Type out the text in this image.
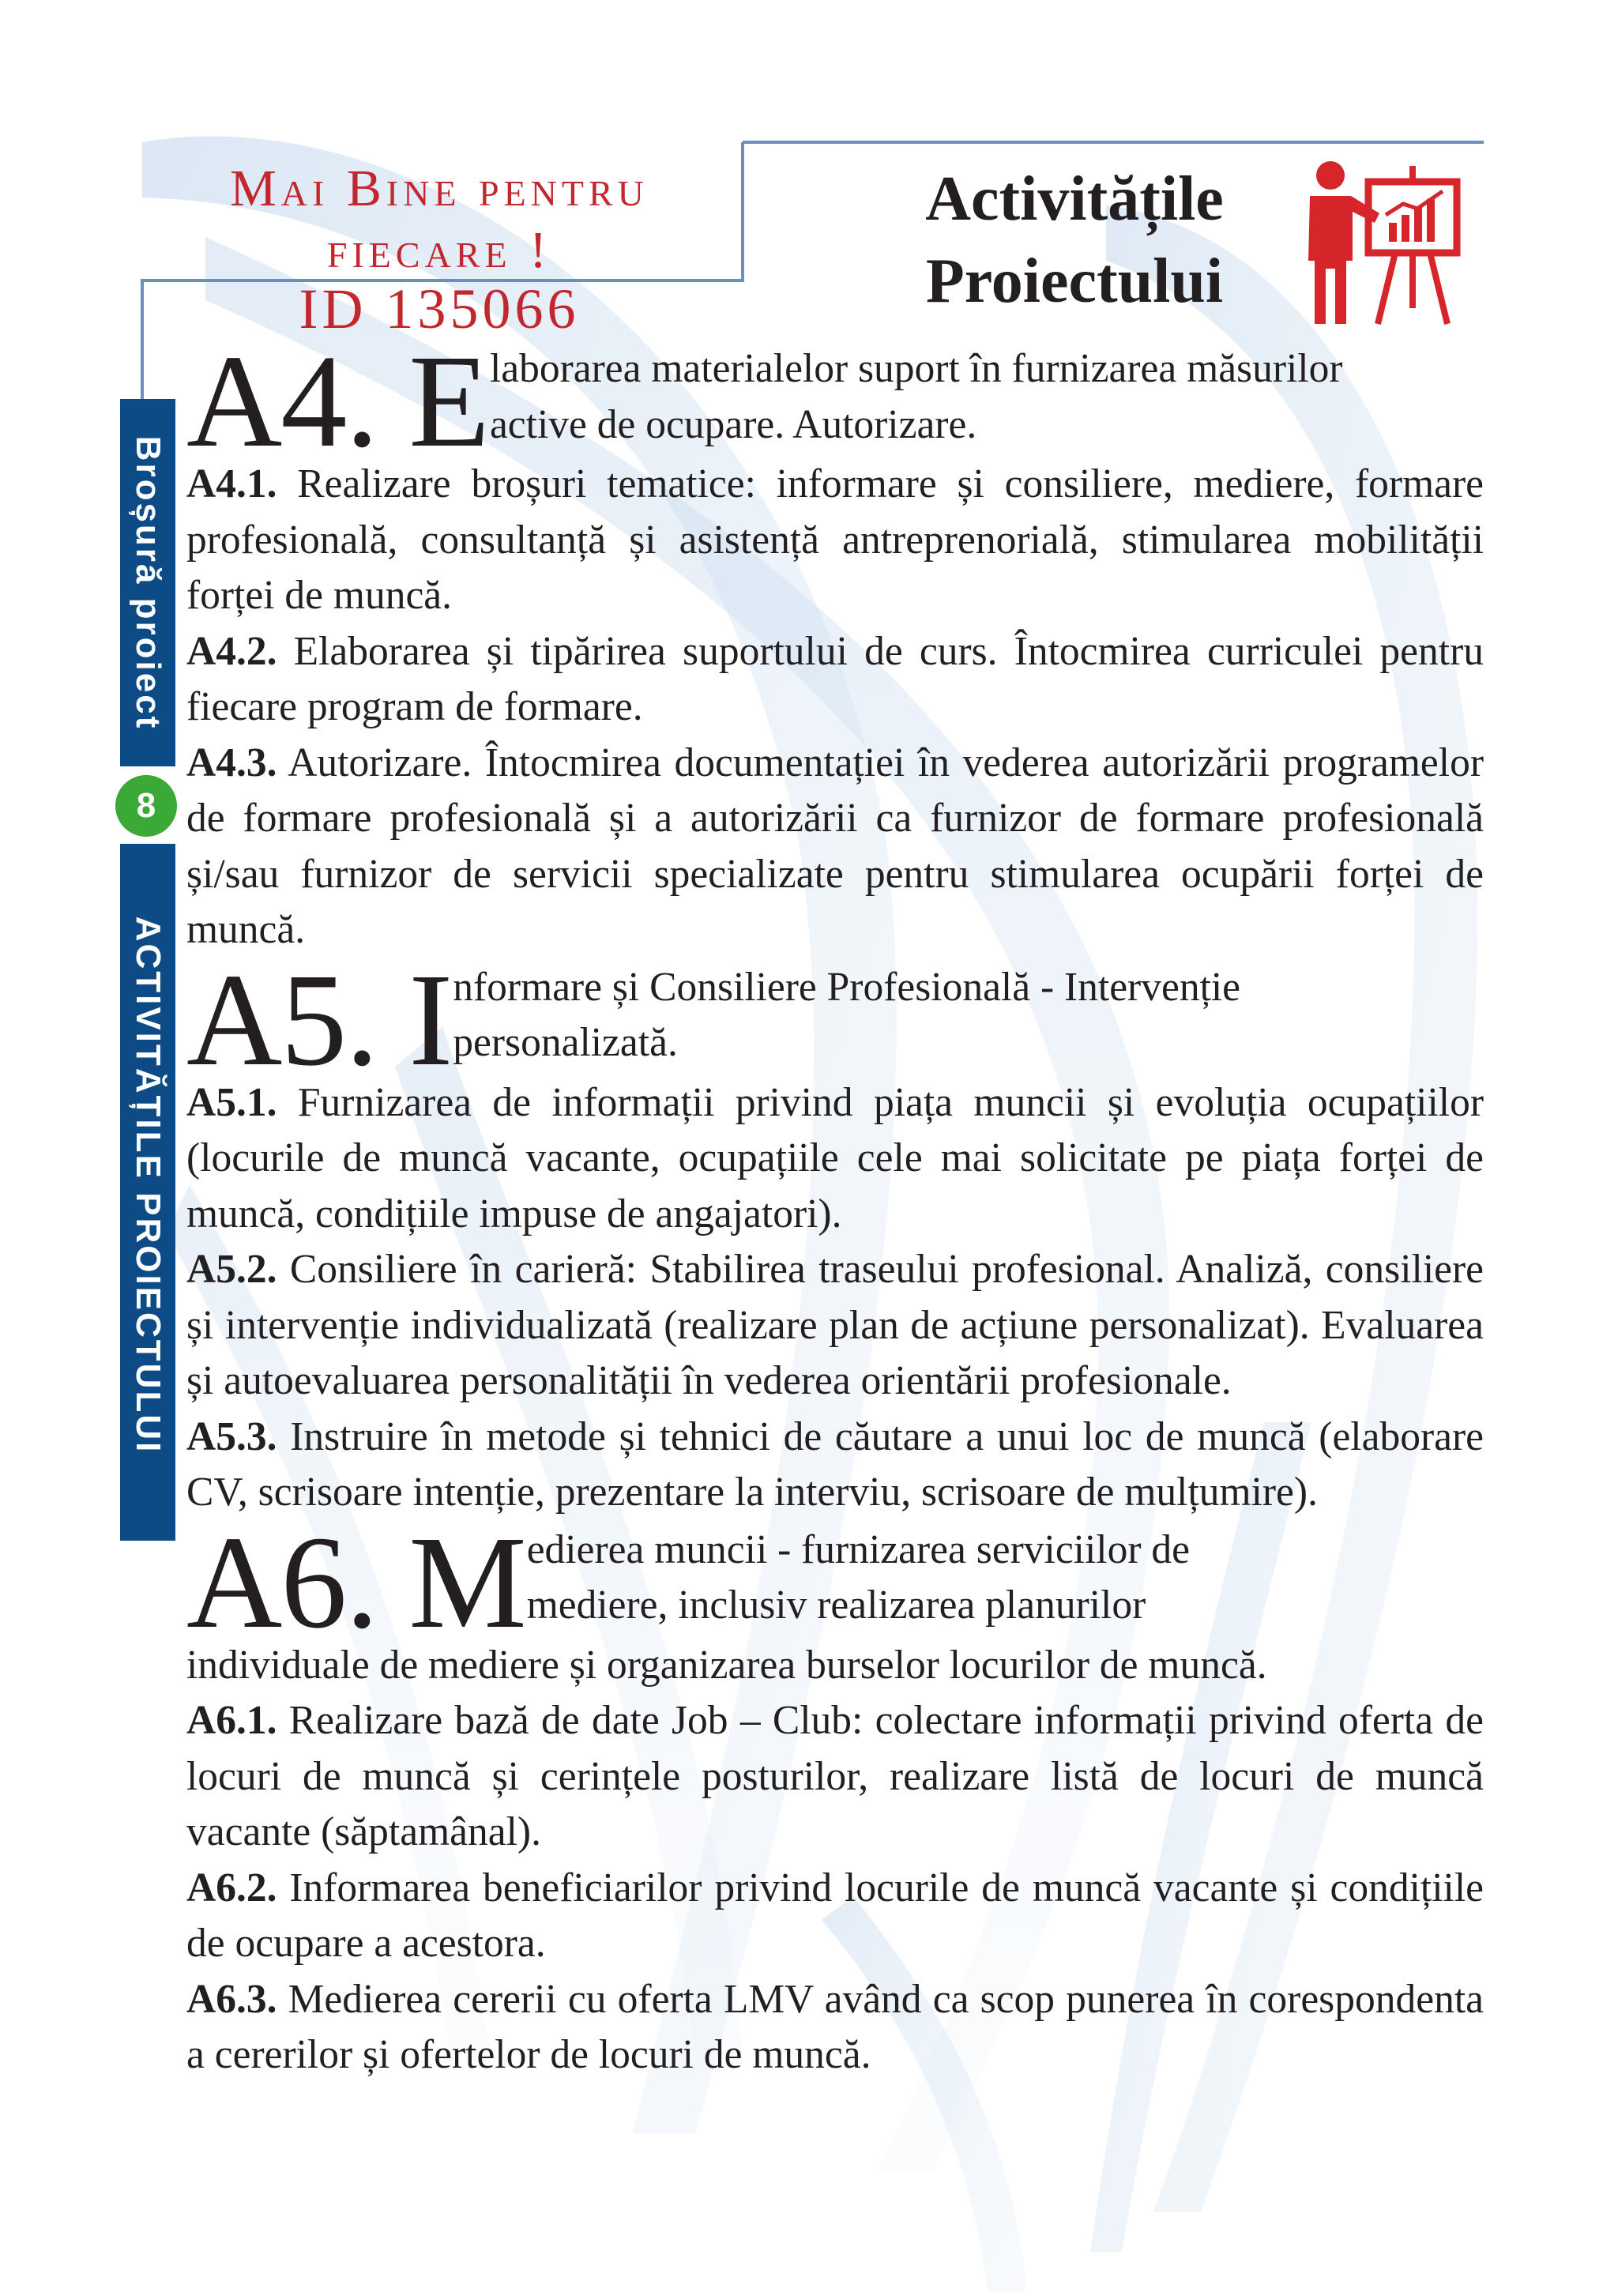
Mai Bine pentru
fiecare !
ID 135066
Activitățile
Proiectului
Broșură proiect
ACTIVITĂȚILE PROIECTULUI
8
A4. E laborarea materialelor suport în furnizarea măsurilor

active de ocupare. Autorizare.

A4.1. Realizare broșuri tematice: informare și consiliere, mediere, formare profesională, consultanță și asistență antreprenorială, stimularea mobilității forței de muncă.

A4.2. Elaborarea și tipărirea suportului de curs. Întocmirea curriculei pentru fiecare program de formare.

A4.3. Autorizare. Întocmirea documentației în vederea autorizării programelor de formare profesională și a autorizării ca furnizor de formare profesională și/sau furnizor de servicii specializate pentru stimularea ocupării forței de muncă.

A5. I nformare și Consiliere Profesională - Intervenție

personalizată.

A5.1. Furnizarea de informații privind piața muncii și evoluția ocupațiilor (locurile de muncă vacante, ocupațiile cele mai solicitate pe piața forței de muncă, condițiile impuse de angajatori).

A5.2. Consiliere în carieră: Stabilirea traseului profesional. Analiză, consiliere și intervenție individualizată (realizare plan de acțiune personalizat). Evaluarea și autoevaluarea personalității în vederea orientării profesionale.

A5.3. Instruire în metode și tehnici de căutare a unui loc de muncă (elaborare CV, scrisoare intenție, prezentare la interviu, scrisoare de mulțumire).

A6. M edierea muncii - furnizarea serviciilor de

mediere, inclusiv realizarea planurilor

individuale de mediere și organizarea burselor locurilor de muncă.

A6.1. Realizare bază de date Job – Club: colectare informații privind oferta de locuri de muncă și cerințele posturilor, realizare listă de locuri de muncă vacante (săptamânal).

A6.2. Informarea beneficiarilor privind locurile de muncă vacante și condițiile de ocupare a acestora.

A6.3. Medierea cererii cu oferta LMV având ca scop punerea în corespondenta a cererilor și ofertelor de locuri de muncă.
